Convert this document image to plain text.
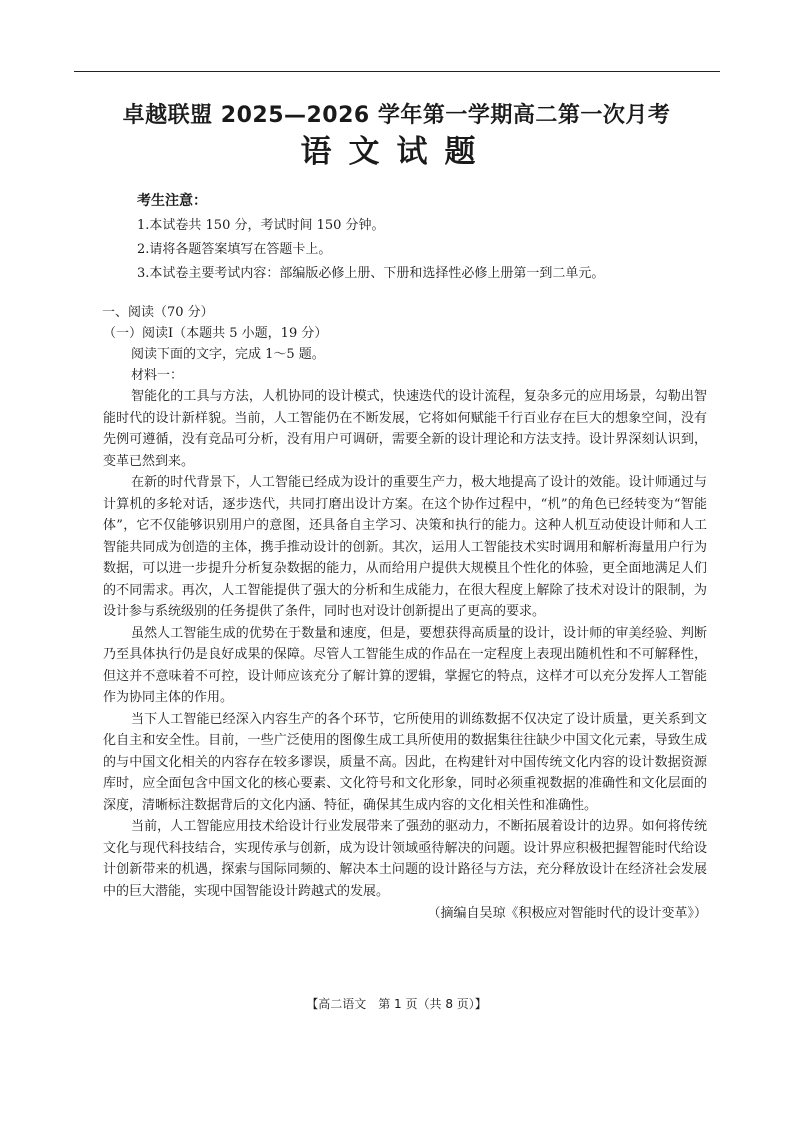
卓越联盟 2025—2026 学年第一学期高二第一次月考
语文试题
考生注意：
1.本试卷共 150 分，考试时间 150 分钟。
2.请将各题答案填写在答题卡上。
3.本试卷主要考试内容：部编版必修上册、下册和选择性必修上册第一到二单元。
一、阅读（70 分）
（一）阅读Ⅰ（本题共 5 小题，19 分）
阅读下面的文字，完成 1～5 题。
材料一：

智能化的工具与方法，人机协同的设计模式，快速迭代的设计流程，复杂多元的应用场景，勾勒出智能时代的设计新样貌。当前，人工智能仍在不断发展，它将如何赋能千行百业存在巨大的想象空间，没有先例可遵循，没有竞品可分析，没有用户可调研，需要全新的设计理论和方法支持。设计界深刻认识到，变革已然到来。

在新的时代背景下，人工智能已经成为设计的重要生产力，极大地提高了设计的效能。设计师通过与计算机的多轮对话，逐步迭代，共同打磨出设计方案。在这个协作过程中，“机”的角色已经转变为“智能体”，它不仅能够识别用户的意图，还具备自主学习、决策和执行的能力。这种人机互动使设计师和人工智能共同成为创造的主体，携手推动设计的创新。其次，运用人工智能技术实时调用和解析海量用户行为数据，可以进一步提升分析复杂数据的能力，从而给用户提供大规模且个性化的体验，更全面地满足人们的不同需求。再次，人工智能提供了强大的分析和生成能力，在很大程度上解除了技术对设计的限制，为设计参与系统级别的任务提供了条件，同时也对设计创新提出了更高的要求。

虽然人工智能生成的优势在于数量和速度，但是，要想获得高质量的设计，设计师的审美经验、判断乃至具体执行仍是良好成果的保障。尽管人工智能生成的作品在一定程度上表现出随机性和不可解释性，但这并不意味着不可控，设计师应该充分了解计算的逻辑，掌握它的特点，这样才可以充分发挥人工智能作为协同主体的作用。

当下人工智能已经深入内容生产的各个环节，它所使用的训练数据不仅决定了设计质量，更关系到文化自主和安全性。目前，一些广泛使用的图像生成工具所使用的数据集往往缺少中国文化元素，导致生成的与中国文化相关的内容存在较多谬误，质量不高。因此，在构建针对中国传统文化内容的设计数据资源库时，应全面包含中国文化的核心要素、文化符号和文化形象，同时必须重视数据的准确性和文化层面的深度，清晰标注数据背后的文化内涵、特征，确保其生成内容的文化相关性和准确性。

当前，人工智能应用技术给设计行业发展带来了强劲的驱动力，不断拓展着设计的边界。如何将传统文化与现代科技结合，实现传承与创新，成为设计领域亟待解决的问题。设计界应积极把握智能时代给设计创新带来的机遇，探索与国际同频的、解决本土问题的设计路径与方法，充分释放设计在经济社会发展中的巨大潜能，实现中国智能设计跨越式的发展。

（摘编自吴琼《积极应对智能时代的设计变革》）
【高二语文　第 1 页（共 8 页）】
